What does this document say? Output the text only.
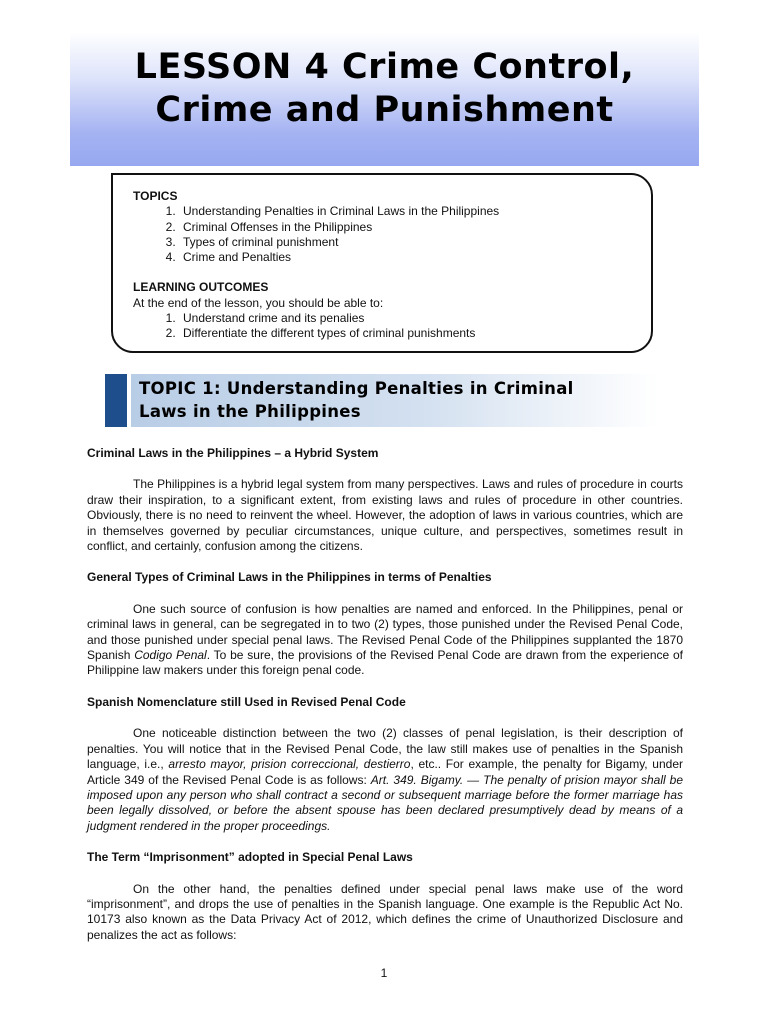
LESSON 4 Crime Control,
Crime and Punishment
TOPICS
1. Understanding Penalties in Criminal Laws in the Philippines
2. Criminal Offenses in the Philippines
3. Types of criminal punishment
4. Crime and Penalties
LEARNING OUTCOMES
At the end of the lesson, you should be able to:
1. Understand crime and its penalies
2. Differentiate the different types of criminal punishments
TOPIC 1: Understanding Penalties in Criminal
Laws in the Philippines
Criminal Laws in the Philippines – a Hybrid System

The Philippines is a hybrid legal system from many perspectives. Laws and rules of procedure in courts draw their inspiration, to a significant extent, from existing laws and rules of procedure in other countries. Obviously, there is no need to reinvent the wheel. However, the adoption of laws in various countries, which are in themselves governed by peculiar circumstances, unique culture, and perspectives, sometimes result in conflict, and certainly, confusion among the citizens.

General Types of Criminal Laws in the Philippines in terms of Penalties

One such source of confusion is how penalties are named and enforced. In the Philippines, penal or criminal laws in general, can be segregated in to two (2) types, those punished under the Revised Penal Code, and those punished under special penal laws. The Revised Penal Code of the Philippines supplanted the 1870 Spanish Codigo Penal. To be sure, the provisions of the Revised Penal Code are drawn from the experience of Philippine law makers under this foreign penal code.

Spanish Nomenclature still Used in Revised Penal Code

One noticeable distinction between the two (2) classes of penal legislation, is their description of penalties. You will notice that in the Revised Penal Code, the law still makes use of penalties in the Spanish language, i.e., arresto mayor, prision correccional, destierro, etc.. For example, the penalty for Bigamy, under Article 349 of the Revised Penal Code is as follows: Art. 349. Bigamy. — The penalty of prision mayor shall be imposed upon any person who shall contract a second or subsequent marriage before the former marriage has been legally dissolved, or before the absent spouse has been declared presumptively dead by means of a judgment rendered in the proper proceedings.

The Term “Imprisonment” adopted in Special Penal Laws

On the other hand, the penalties defined under special penal laws make use of the word “imprisonment”, and drops the use of penalties in the Spanish language. One example is the Republic Act No. 10173 also known as the Data Privacy Act of 2012, which defines the crime of Unauthorized Disclosure and penalizes the act as follows:

1
